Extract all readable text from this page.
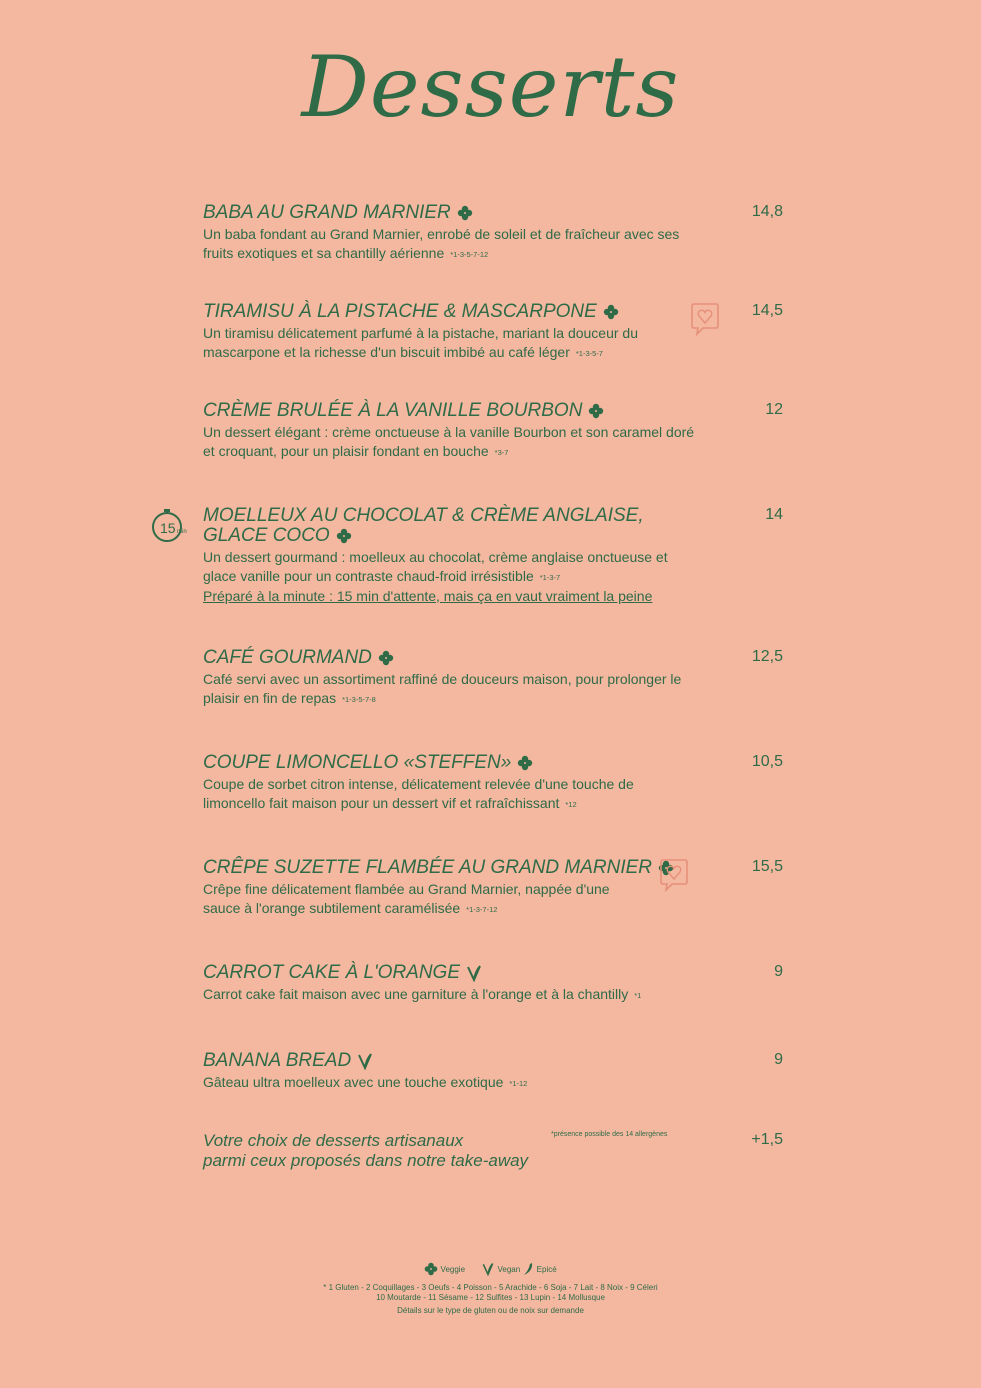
Desserts
BABA AU GRAND MARNIER
Un baba fondant au Grand Marnier, enrobé de soleil et de fraîcheur avec ses fruits exotiques et sa chantilly aérienne *1-3-5-7-12
14,8
TIRAMISU À LA PISTACHE & MASCARPONE
Un tiramisu délicatement parfumé à la pistache, mariant la douceur du mascarpone et la richesse d'un biscuit imbibé au café léger *1-3-5-7
14,5
CRÈME BRULÉE À LA VANILLE BOURBON
Un dessert élégant : crème onctueuse à la vanille Bourbon et son caramel doré et croquant, pour un plaisir fondant en bouche *3-7
12
15 min
MOELLEUX AU CHOCOLAT & CRÈME ANGLAISE,
GLACE COCO
Un dessert gourmand : moelleux au chocolat, crème anglaise onctueuse et glace vanille pour un contraste chaud-froid irrésistible *1-3-7
Préparé à la minute : 15 min d'attente, mais ça en vaut vraiment la peine
14
CAFÉ GOURMAND
Café servi avec un assortiment raffiné de douceurs maison, pour prolonger le plaisir en fin de repas *1-3-5-7-8
12,5
COUPE LIMONCELLO «STEFFEN»
Coupe de sorbet citron intense, délicatement relevée d'une touche de limoncello fait maison pour un dessert vif et rafraîchissant *12
10,5
CRÊPE SUZETTE FLAMBÉE AU GRAND MARNIER
Crêpe fine délicatement flambée au Grand Marnier, nappée d'une sauce à l'orange subtilement caramélisée *1-3-7-12
15,5
CARROT CAKE À L'ORANGE
Carrot cake fait maison avec une garniture à l'orange et à la chantilly *1
9
BANANA BREAD
Gâteau ultra moelleux avec une touche exotique *1-12
9
Votre choix de desserts artisanaux
parmi ceux proposés dans notre take-away
*présence possible des 14 allergènes	+1,5
Veggie	Vegan Epicé
* 1 Gluten - 2 Coquillages - 3 Oeufs - 4 Poisson - 5 Arachide - 6 Soja - 7 Lait - 8 Noix - 9 Céleri
10 Moutarde - 11 Sésame - 12 Sulfites - 13 Lupin - 14 Mollusque
Détails sur le type de gluten ou de noix sur demande
